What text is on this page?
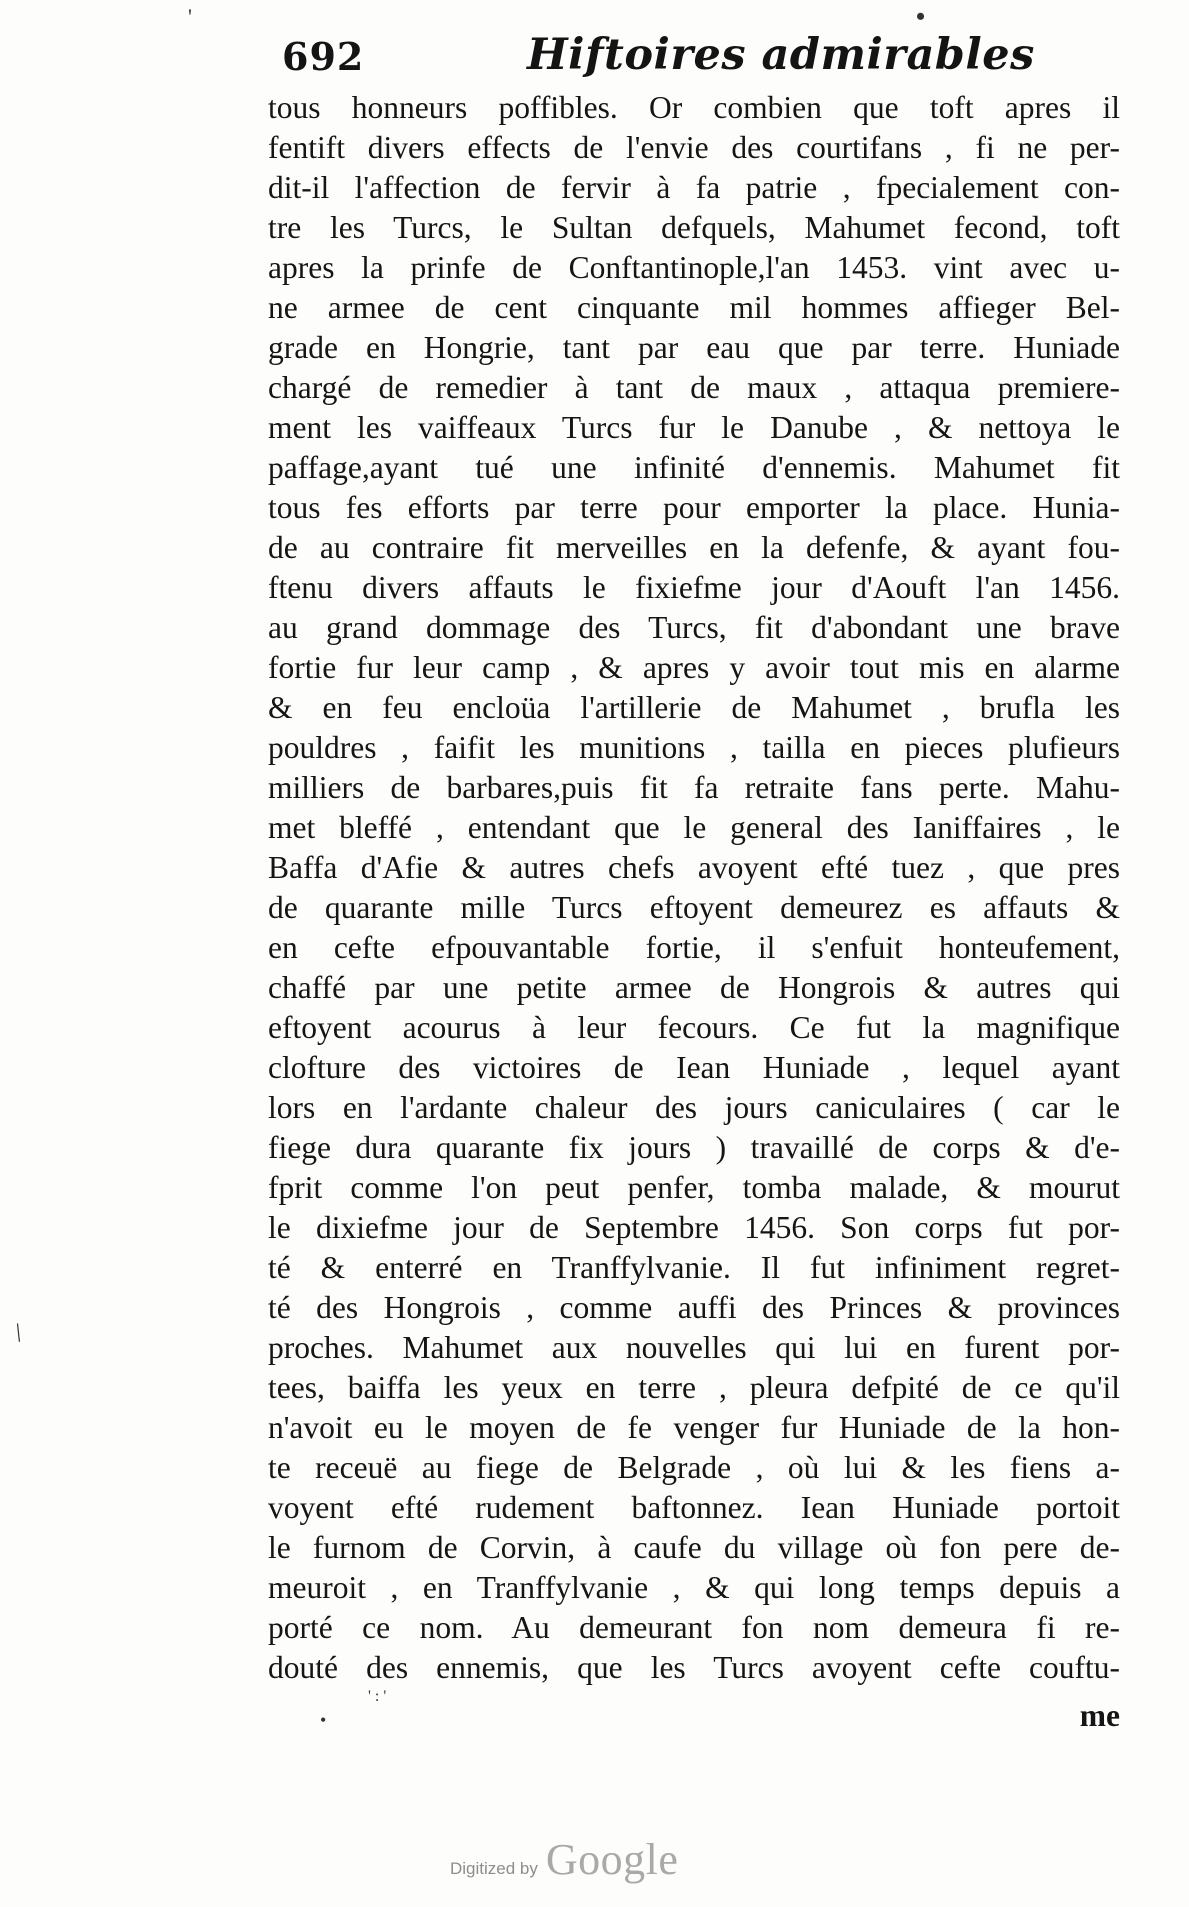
'	•
692	Hiftoires admirables
tous honneurs poffibles. Or combien que toft apres il
fentift divers effects de l'envie des courtifans , fi ne per-
dit-il l'affection de fervir à fa patrie , fpecialement con-
tre les Turcs, le Sultan defquels, Mahumet fecond, toft
apres la prinfe de Conftantinople,l'an 1453. vint avec u-
ne armee de cent cinquante mil hommes affieger Bel-
grade en Hongrie, tant par eau que par terre. Huniade
chargé de remedier à tant de maux , attaqua premiere-
ment les vaiffeaux Turcs fur le Danube , & nettoya le
paffage,ayant tué une infinité d'ennemis. Mahumet fit
tous fes efforts par terre pour emporter la place. Hunia-
de au contraire fit merveilles en la defenfe, & ayant fou-
ftenu divers affauts le fixiefme jour d'Aouft l'an 1456.
au grand dommage des Turcs, fit d'abondant une brave
fortie fur leur camp , & apres y avoir tout mis en alarme
& en feu encloüa l'artillerie de Mahumet , brufla les
pouldres , faifit les munitions , tailla en pieces plufieurs
milliers de barbares,puis fit fa retraite fans perte. Mahu-
met bleffé , entendant que le general des Ianiffaires , le
Baffa d'Afie & autres chefs avoyent efté tuez , que pres
de quarante mille Turcs eftoyent demeurez es affauts &
en cefte efpouvantable fortie, il s'enfuit honteufement,
chaffé par une petite armee de Hongrois & autres qui
eftoyent acourus à leur fecours. Ce fut la magnifique
clofture des victoires de Iean Huniade , lequel ayant
lors en l'ardante chaleur des jours caniculaires ( car le
fiege dura quarante fix jours ) travaillé de corps & d'e-
fprit comme l'on peut penfer, tomba malade, & mourut
le dixiefme jour de Septembre 1456. Son corps fut por-
té & enterré en Tranffylvanie. Il fut infiniment regret-
té des Hongrois , comme auffi des Princes & provinces
proches. Mahumet aux nouvelles qui lui en furent por-
tees, baiffa les yeux en terre , pleura defpité de ce qu'il
n'avoit eu le moyen de fe venger fur Huniade de la hon-
te receuë au fiege de Belgrade , où lui & les fiens a-
voyent efté rudement baftonnez. Iean Huniade portoit
le furnom de Corvin, à caufe du village où fon pere de-
meuroit , en Tranffylvanie , & qui long temps depuis a
porté ce nom. Au demeurant fon nom demeura fi re-
douté des ennemis, que les Turcs avoyent cefte couftu-
me
/
•
' : '
Digitized by Google
